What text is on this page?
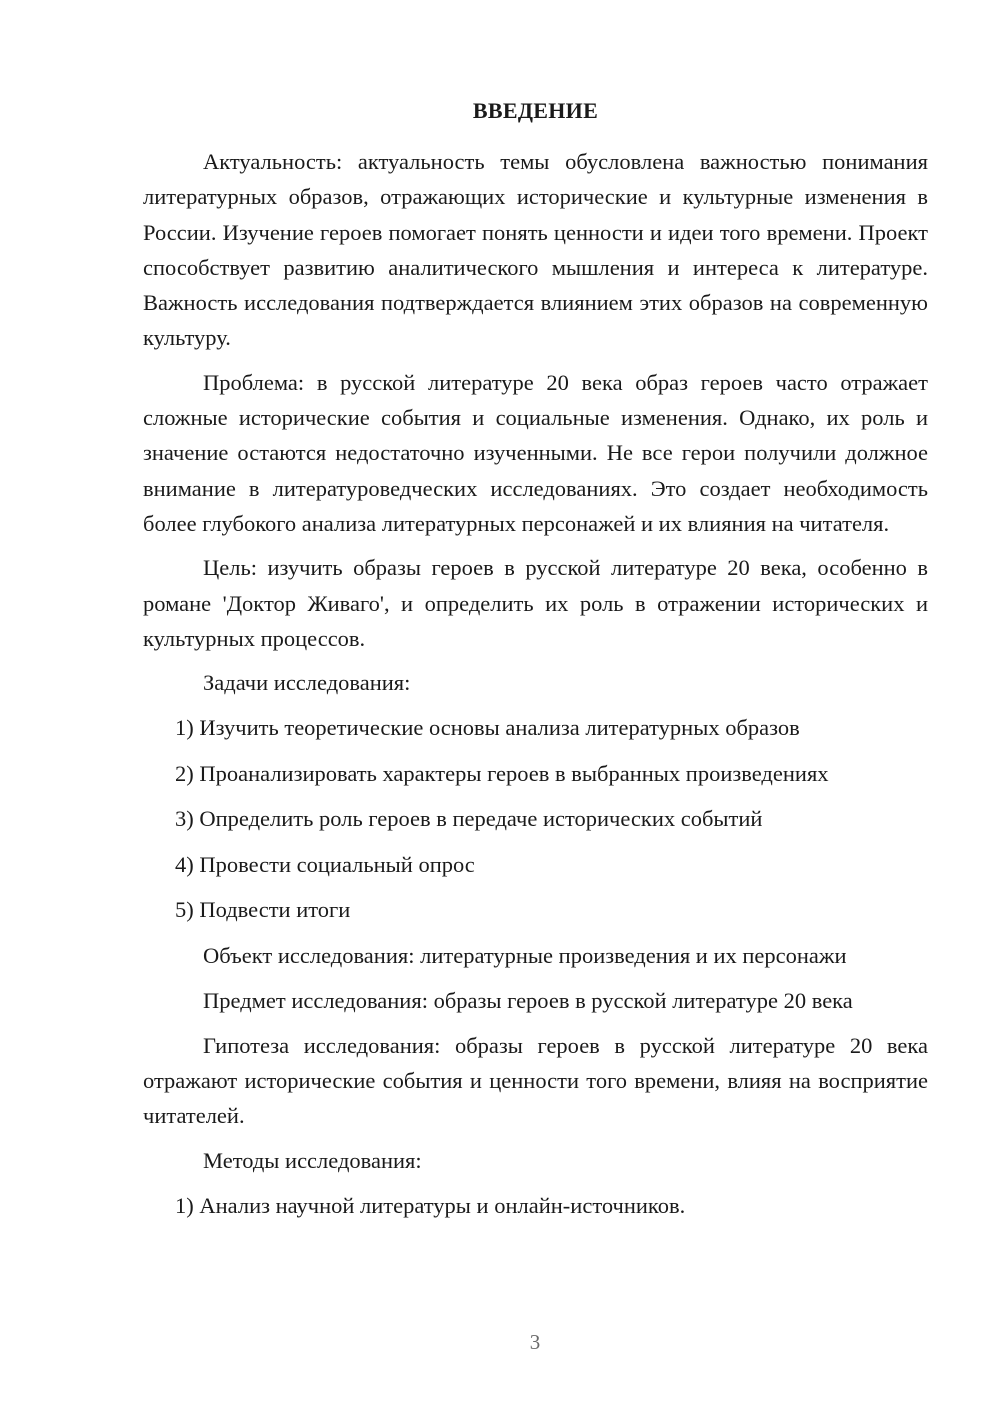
ВВЕДЕНИЕ

Актуальность: актуальность темы обусловлена важностью понимания литературных образов, отражающих исторические и культурные изменения в России. Изучение героев помогает понять ценности и идеи того времени. Проект способствует развитию аналитического мышления и интереса к литературе. Важность исследования подтверждается влиянием этих образов на современную культуру.

Проблема: в русской литературе 20 века образ героев часто отражает сложные исторические события и социальные изменения. Однако, их роль и значение остаются недостаточно изученными. Не все герои получили должное внимание в литературоведческих исследованиях. Это создает необходимость более глубокого анализа литературных персонажей и их влияния на читателя.

Цель: изучить образы героев в русской литературе 20 века, особенно в романе 'Доктор Живаго', и определить их роль в отражении исторических и культурных процессов.

Задачи исследования:
1) Изучить теоретические основы анализа литературных образов
2) Проанализировать характеры героев в выбранных произведениях
3) Определить роль героев в передаче исторических событий
4) Провести социальный опрос
5) Подвести итоги
Объект исследования: литературные произведения и их персонажи
Предмет исследования: образы героев в русской литературе 20 века

Гипотеза исследования: образы героев в русской литературе 20 века отражают исторические события и ценности того времени, влияя на восприятие читателей.

Методы исследования:
1) Анализ научной литературы и онлайн-источников.
3
